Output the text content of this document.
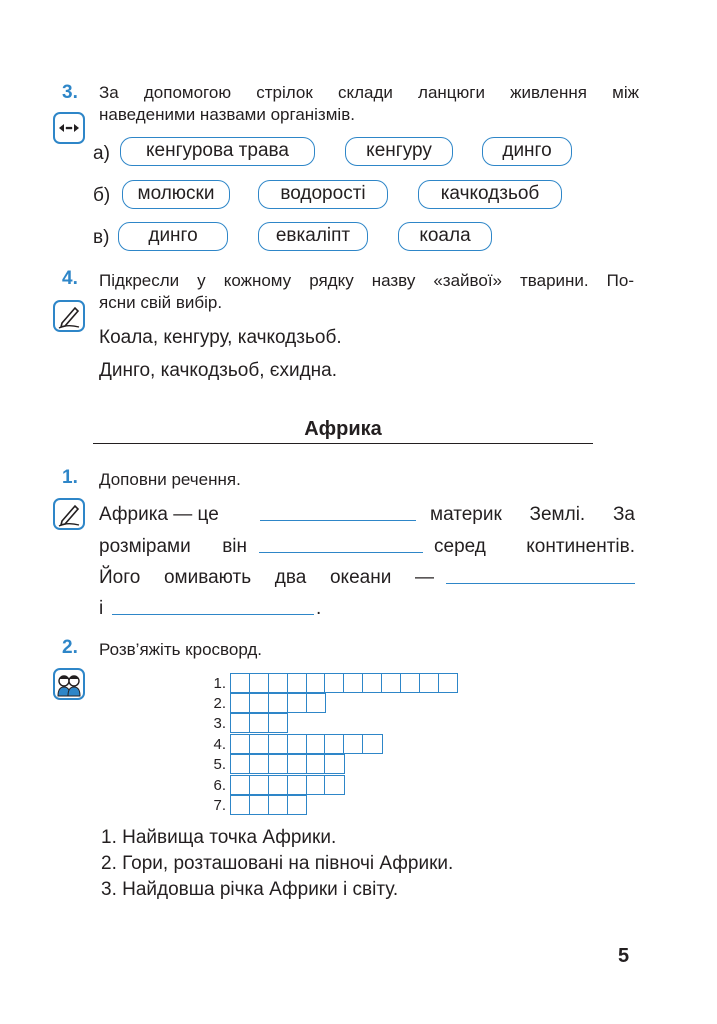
3. За допомогою стрілок склади ланцюги живлення між
наведеними назвами організмів.
а)	кенгурова трава	кенгуру	динго
б)	молюски	водорості	качкодзьоб
в)	динго	евкаліпт	коала
4. Підкресли у кожному рядку назву «зайвої» тварини. По-
ясни свій вибір.
Коала, кенгуру, качкодзьоб.
Динго, качкодзьоб, єхидна.
Африка
1. Доповни речення.
Африка — це	материк Землі. За
розмірами він	серед континентів.
Його омивають два океани —
і	.
2. Розв’яжіть кросворд.
1.
2.
3.
4.
5.
6.
7.
1. Найвища точка Африки.
2. Гори, розташовані на півночі Африки.
3. Найдовша річка Африки і світу.
5
